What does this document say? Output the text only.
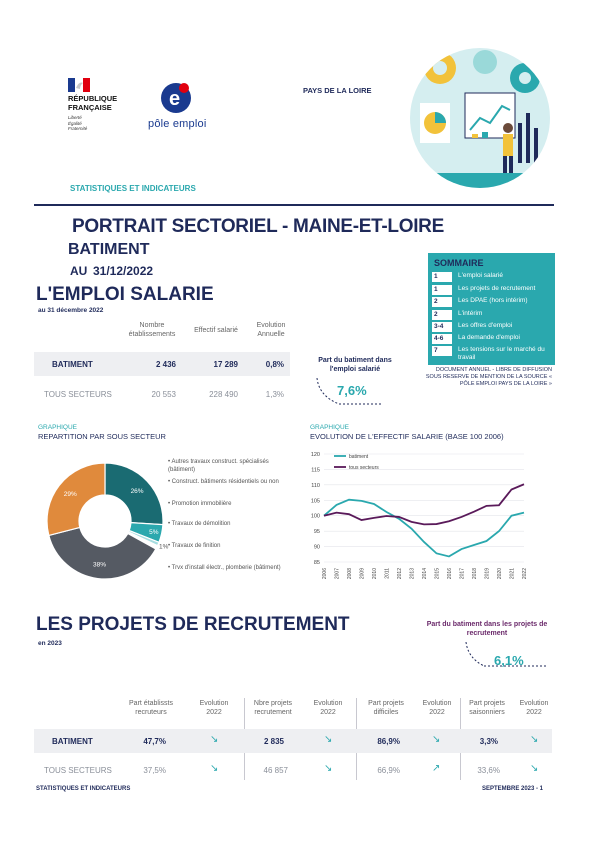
RÉPUBLIQUE
FRANÇAISE
Liberté
Égalité
Fraternité
e
pôle emploi
PAYS DE LA LOIRE
STATISTIQUES ET INDICATEURS
PORTRAIT SECTORIEL - MAINE-ET-LOIRE
BATIMENT
AU 31/12/2022
SOMMAIRE
1	L'emploi salarié
1	Les projets de recrutement
2	Les DPAE (hors intérim)
2	L'intérim
3-4	Les offres d'emploi
4-6	La demande d'emploi
7	Les tensions sur le marché du travail
DOCUMENT ANNUEL - LIBRE DE DIFFUSION
SOUS RESERVE DE MENTION DE LA SOURCE «
PÔLE EMPLOI PAYS DE LA LOIRE »
L'EMPLOI SALARIE
au 31 décembre 2022
Nombre établissements
Effectif salarié
Evolution Annuelle
BATIMENT	2 436	17 289	0,8%
TOUS SECTEURS	20 553	228 490	1,3%
Part du batiment dans l'emploi salarié
7,6%
GRAPHIQUE
REPARTITION PAR SOUS SECTEUR
26%
5%
1%
38%
29%
• Autres travaux construct. spécialisés (bâtiment)
• Construct. bâtiments résidentiels ou non
• Promotion immobilière
• Travaux de démolition
• Travaux de finition
• Trvx d'install électr., plomberie (bâtiment)
GRAPHIQUE
EVOLUTION DE L'EFFECTIF SALARIE (BASE 100 2006)
85
90
95
100
105
110
115
120
2006 2007 2008 2009 2010 2011 2012 2013 2014 2015 2016 2017 2018 2019 2020 2021 2022
batiment
tous secteurs
LES PROJETS DE RECRUTEMENT
en 2023
Part du batiment dans les projets de recrutement
6,1%
Part établissts recruteurs
Evolution 2022
Nbre projets recrutement
Evolution 2022
Part projets difficiles
Evolution 2022
Part projets saisonniers
Evolution 2022
BATIMENT	47,7%	↘	2 835	↘	86,9%	↘	3,3%	↘
TOUS SECTEURS	37,5%	↘	46 857	↘	66,9%	↗	33,6%	↘
STATISTIQUES ET INDICATEURS	SEPTEMBRE 2023 - 1
